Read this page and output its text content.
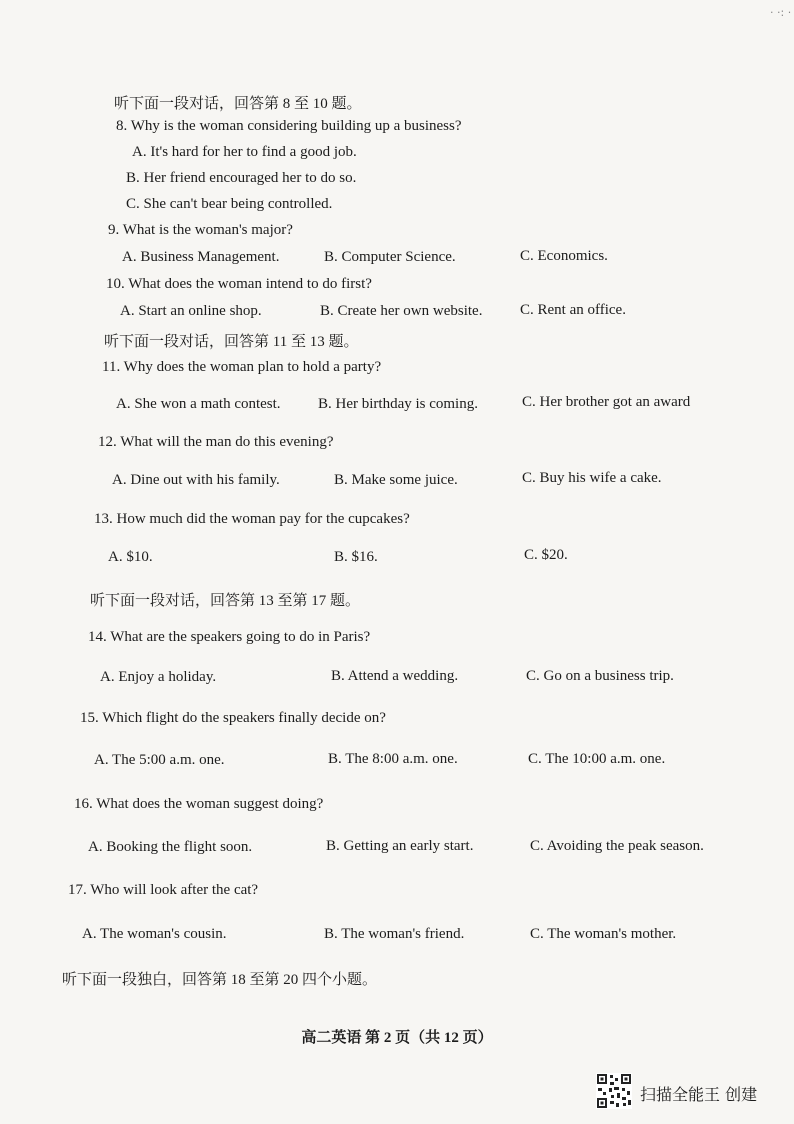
· ·: ·
听下面一段对话，回答第 8 至 10 题。
8. Why is the woman considering building up a business?
A. It's hard for her to find a good job.
B. Her friend encouraged her to do so.
C. She can't bear being controlled.
9. What is the woman's major?
A. Business Management.	B. Computer Science.	C. Economics.
10. What does the woman intend to do first?
A. Start an online shop.	B. Create her own website.	C. Rent an office.
听下面一段对话，回答第 11 至 13 题。
11. Why does the woman plan to hold a party?
A. She won a math contest. B. Her birthday is coming.	C. Her brother got an award
12. What will the man do this evening?
A. Dine out with his family.	B. Make some juice.	C. Buy his wife a cake.
13. How much did the woman pay for the cupcakes?
A. $10.	B. $16.	C. $20.
听下面一段对话，回答第 13 至第 17 题。
14. What are the speakers going to do in Paris?
A. Enjoy a holiday.	B. Attend a wedding.	C. Go on a business trip.
15. Which flight do the speakers finally decide on?
A. The 5:00 a.m. one.	B. The 8:00 a.m. one.	C. The 10:00 a.m. one.
16. What does the woman suggest doing?
A. Booking the flight soon.	B. Getting an early start.	C. Avoiding the peak season.
17. Who will look after the cat?
A. The woman's cousin.	B. The woman's friend.	C. The woman's mother.
听下面一段独白，回答第 18 至第 20 四个小题。
高二英语 第 2 页（共 12 页）
扫描全能王 创建
